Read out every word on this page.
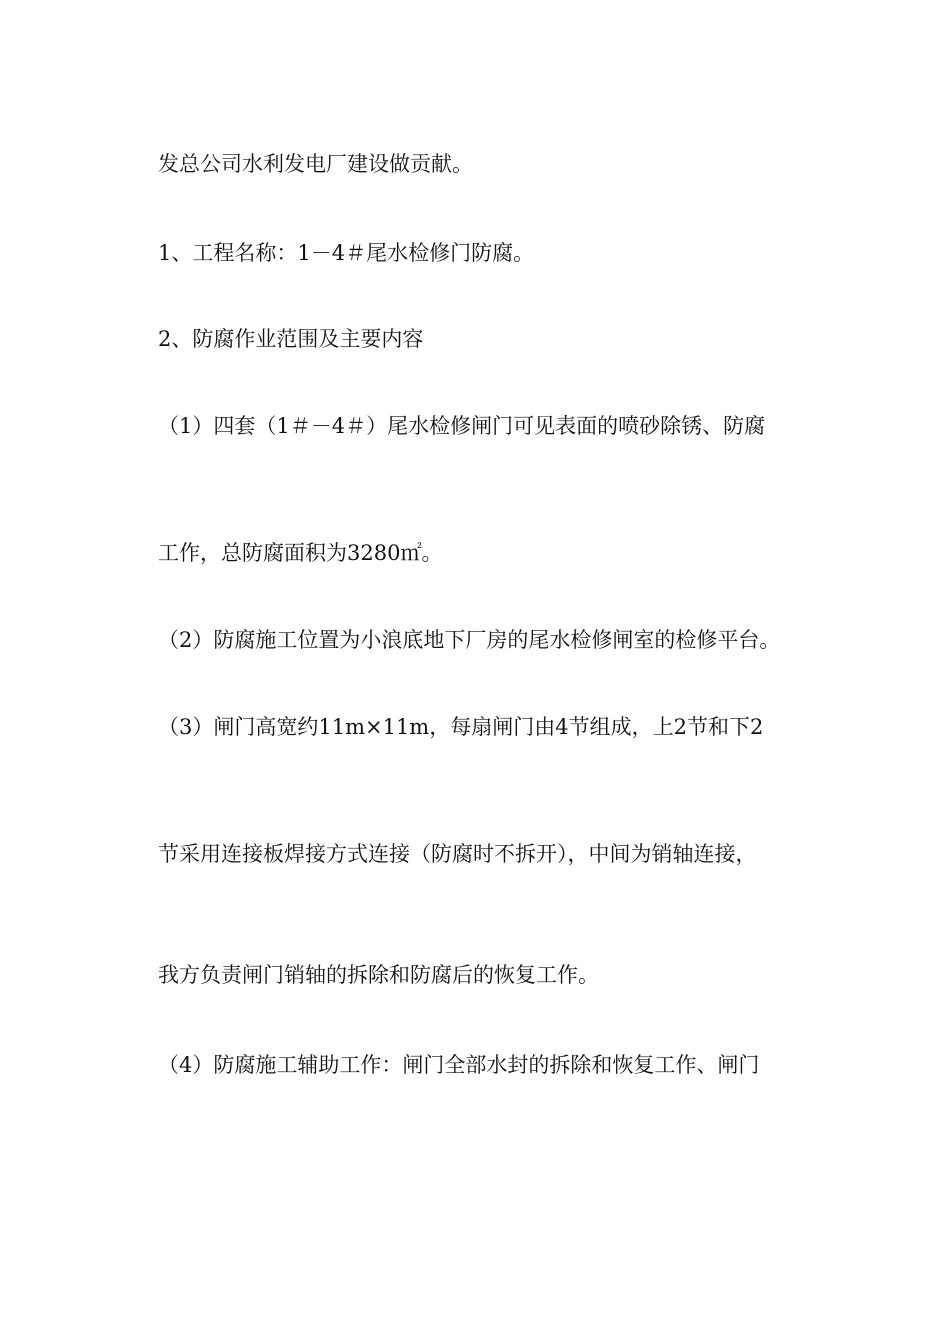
发总公司水利发电厂建设做贡献。
1、工程名称：1－4＃尾水检修门防腐。
2、防腐作业范围及主要内容
（1）四套（1＃－4＃）尾水检修闸门可见表面的喷砂除锈、防腐
工作，总防腐面积为3280㎡。
（2）防腐施工位置为小浪底地下厂房的尾水检修闸室的检修平台。
（3）闸门高宽约11m×11m，每扇闸门由4节组成，上2节和下2
节采用连接板焊接方式连接（防腐时不拆开），中间为销轴连接，
我方负责闸门销轴的拆除和防腐后的恢复工作。
（4）防腐施工辅助工作：闸门全部水封的拆除和恢复工作、闸门
